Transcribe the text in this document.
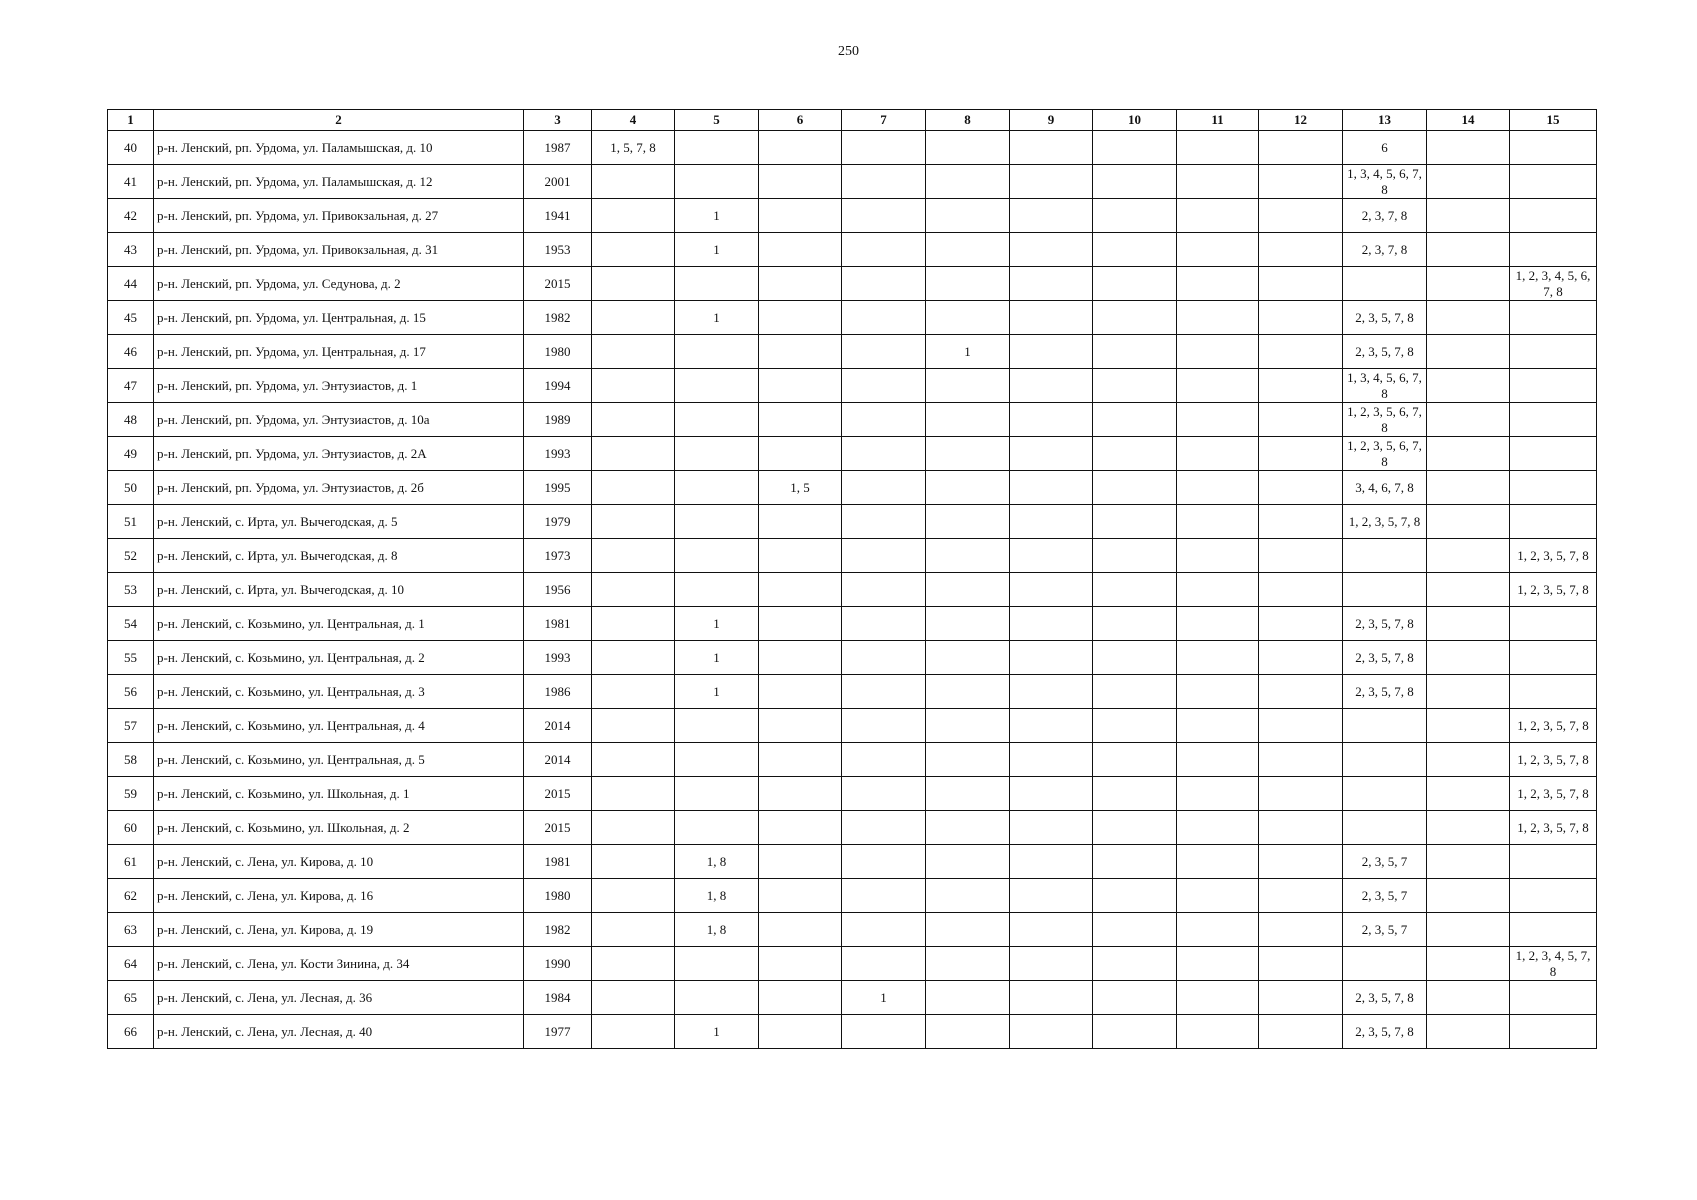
250
1	2	3	4	5	6	7	8	9	10	11	12	13	14	15
40	р-н. Ленский, рп. Урдома, ул. Паламышская, д. 10	1987	1, 5, 7, 8									6		
41	р-н. Ленский, рп. Урдома, ул. Паламышская, д. 12	2001										1, 3, 4, 5, 6, 7, 8		
42	р-н. Ленский, рп. Урдома, ул. Привокзальная, д. 27	1941		1								2, 3, 7, 8		
43	р-н. Ленский, рп. Урдома, ул. Привокзальная, д. 31	1953		1								2, 3, 7, 8		
44	р-н. Ленский, рп. Урдома, ул. Седунова, д. 2	2015												1, 2, 3, 4, 5, 6, 7, 8
45	р-н. Ленский, рп. Урдома, ул. Центральная, д. 15	1982		1								2, 3, 5, 7, 8		
46	р-н. Ленский, рп. Урдома, ул. Центральная, д. 17	1980					1					2, 3, 5, 7, 8		
47	р-н. Ленский, рп. Урдома, ул. Энтузиастов, д. 1	1994										1, 3, 4, 5, 6, 7, 8		
48	р-н. Ленский, рп. Урдома, ул. Энтузиастов, д. 10а	1989										1, 2, 3, 5, 6, 7, 8		
49	р-н. Ленский, рп. Урдома, ул. Энтузиастов, д. 2А	1993										1, 2, 3, 5, 6, 7, 8		
50	р-н. Ленский, рп. Урдома, ул. Энтузиастов, д. 2б	1995			1, 5							3, 4, 6, 7, 8		
51	р-н. Ленский, с. Ирта, ул. Вычегодская, д. 5	1979										1, 2, 3, 5, 7, 8		
52	р-н. Ленский, с. Ирта, ул. Вычегодская, д. 8	1973												1, 2, 3, 5, 7, 8
53	р-н. Ленский, с. Ирта, ул. Вычегодская, д. 10	1956												1, 2, 3, 5, 7, 8
54	р-н. Ленский, с. Козьмино, ул. Центральная, д. 1	1981		1								2, 3, 5, 7, 8		
55	р-н. Ленский, с. Козьмино, ул. Центральная, д. 2	1993		1								2, 3, 5, 7, 8		
56	р-н. Ленский, с. Козьмино, ул. Центральная, д. 3	1986		1								2, 3, 5, 7, 8		
57	р-н. Ленский, с. Козьмино, ул. Центральная, д. 4	2014												1, 2, 3, 5, 7, 8
58	р-н. Ленский, с. Козьмино, ул. Центральная, д. 5	2014												1, 2, 3, 5, 7, 8
59	р-н. Ленский, с. Козьмино, ул. Школьная, д. 1	2015												1, 2, 3, 5, 7, 8
60	р-н. Ленский, с. Козьмино, ул. Школьная, д. 2	2015												1, 2, 3, 5, 7, 8
61	р-н. Ленский, с. Лена, ул. Кирова, д. 10	1981		1, 8								2, 3, 5, 7		
62	р-н. Ленский, с. Лена, ул. Кирова, д. 16	1980		1, 8								2, 3, 5, 7		
63	р-н. Ленский, с. Лена, ул. Кирова, д. 19	1982		1, 8								2, 3, 5, 7		
64	р-н. Ленский, с. Лена, ул. Кости Зинина, д. 34	1990												1, 2, 3, 4, 5, 7, 8
65	р-н. Ленский, с. Лена, ул. Лесная, д. 36	1984				1						2, 3, 5, 7, 8		
66	р-н. Ленский, с. Лена, ул. Лесная, д. 40	1977		1								2, 3, 5, 7, 8		
